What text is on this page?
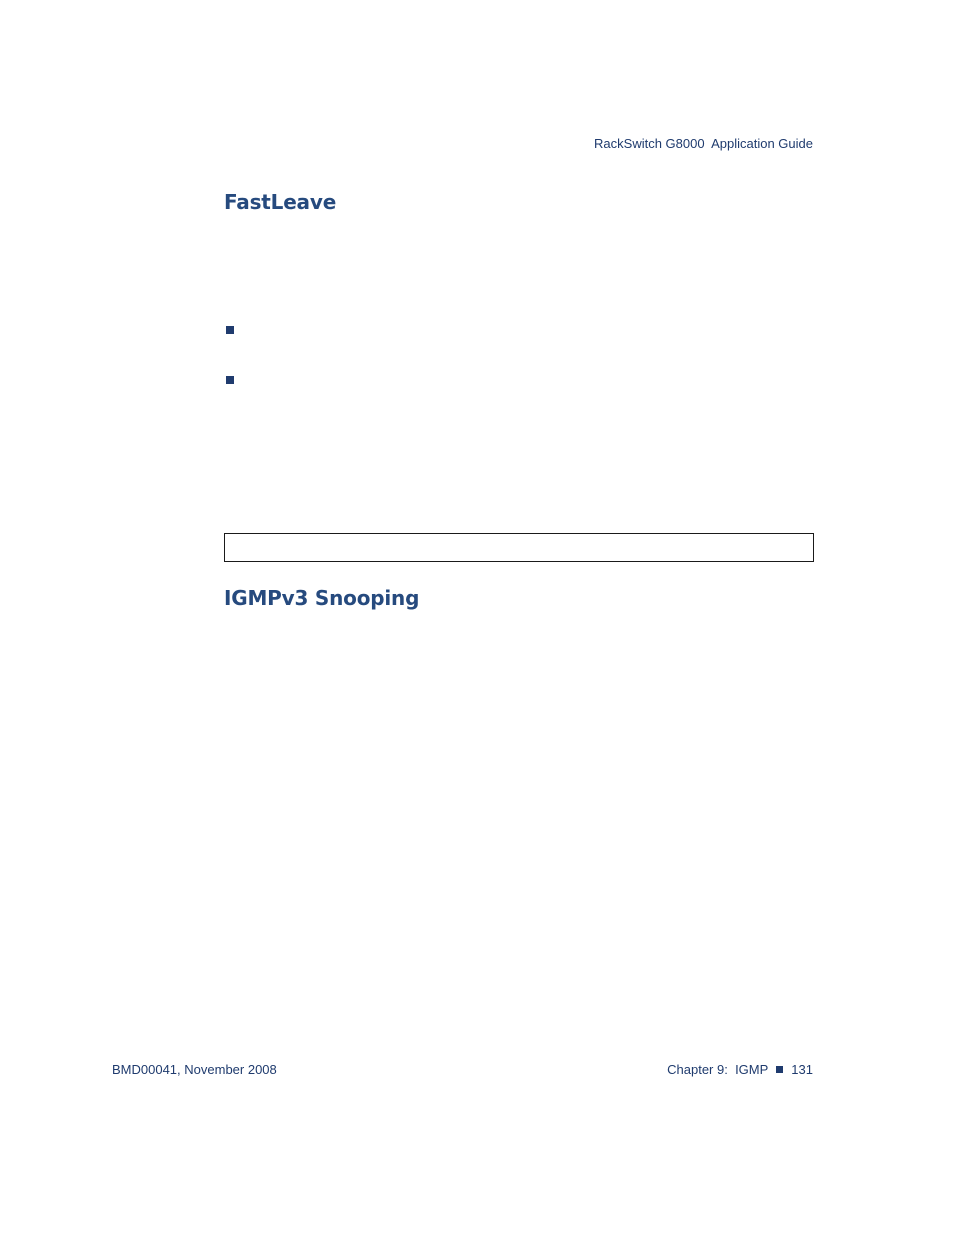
RackSwitch G8000  Application Guide
FastLeave
IGMPv3 Snooping
BMD00041, November 2008	Chapter 9:  IGMP 131
